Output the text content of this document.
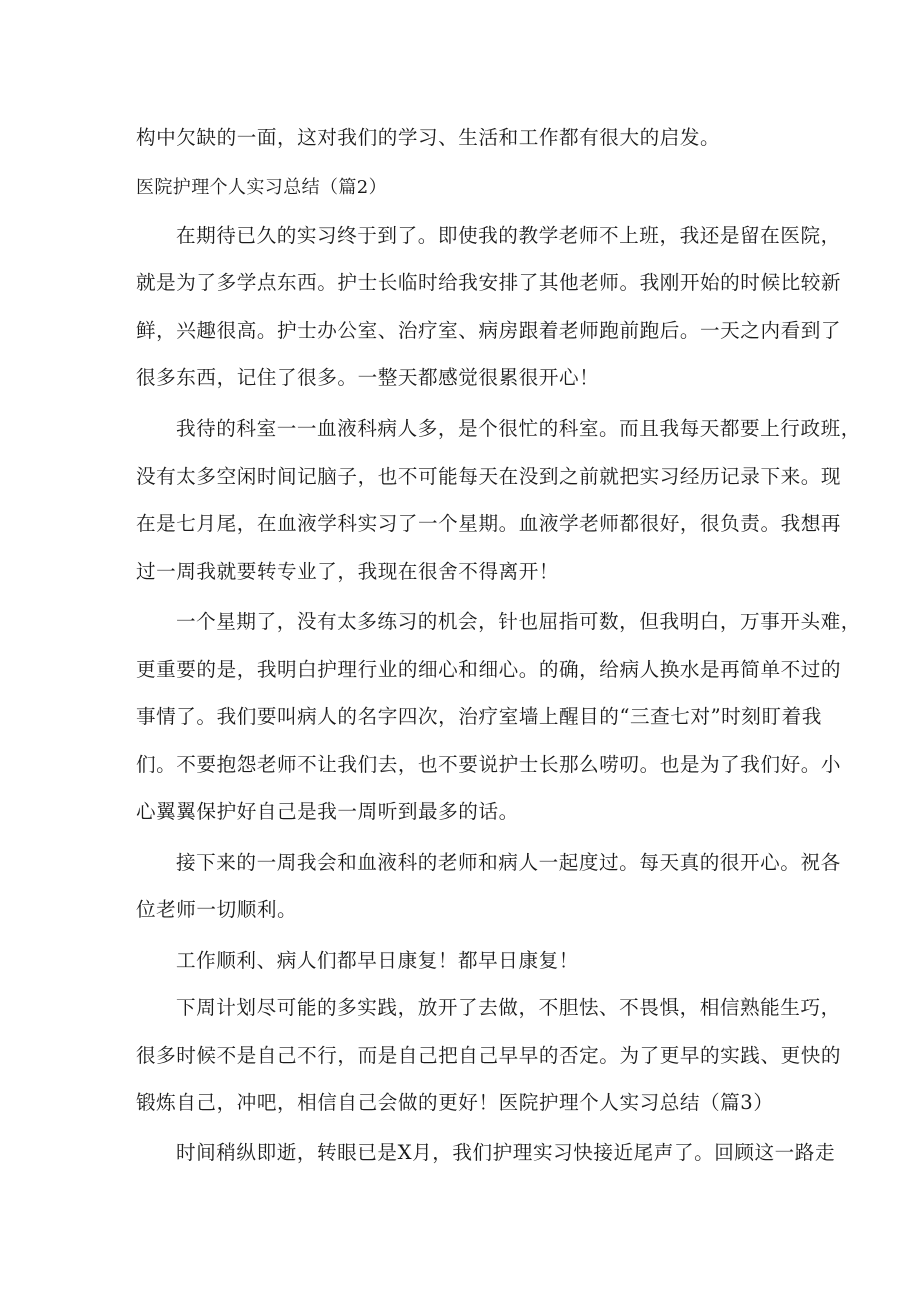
构中欠缺的一面，这对我们的学习、生活和工作都有很大的启发。
医院护理个人实习总结（篇2）
在期待已久的实习终于到了。即使我的教学老师不上班，我还是留在医院，
就是为了多学点东西。护士长临时给我安排了其他老师。我刚开始的时候比较新
鲜，兴趣很高。护士办公室、治疗室、病房跟着老师跑前跑后。一天之内看到了
很多东西，记住了很多。一整天都感觉很累很开心！
我待的科室一一血液科病人多，是个很忙的科室。而且我每天都要上行政班，
没有太多空闲时间记脑子，也不可能每天在没到之前就把实习经历记录下来。现
在是七月尾，在血液学科实习了一个星期。血液学老师都很好，很负责。我想再
过一周我就要转专业了，我现在很舍不得离开！
一个星期了，没有太多练习的机会，针也屈指可数，但我明白，万事开头难，
更重要的是，我明白护理行业的细心和细心。的确，给病人换水是再简单不过的
事情了。我们要叫病人的名字四次，治疗室墙上醒目的“三查七对”时刻盯着我
们。不要抱怨老师不让我们去，也不要说护士长那么唠叨。也是为了我们好。小
心翼翼保护好自己是我一周听到最多的话。
接下来的一周我会和血液科的老师和病人一起度过。每天真的很开心。祝各
位老师一切顺利。
工作顺利、病人们都早日康复！都早日康复！
下周计划尽可能的多实践，放开了去做，不胆怯、不畏惧，相信熟能生巧，
很多时候不是自己不行，而是自己把自己早早的否定。为了更早的实践、更快的
锻炼自己，冲吧，相信自己会做的更好！医院护理个人实习总结（篇3）
时间稍纵即逝，转眼已是X月，我们护理实习快接近尾声了。回顾这一路走
